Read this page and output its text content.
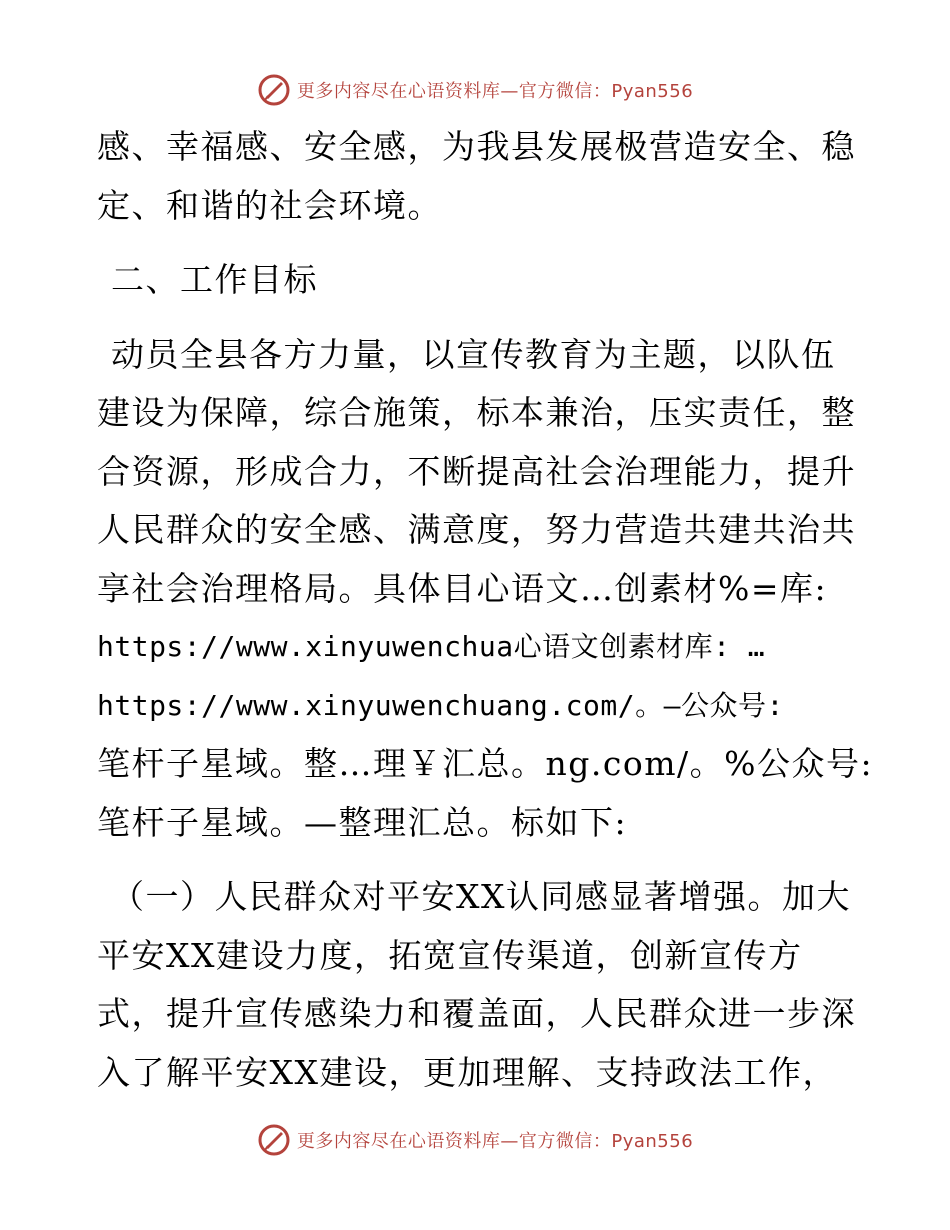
更多内容尽在心语资料库—官方微信：Pyan556
感、幸福感、安全感，为我县发展极营造安全、稳
定、和谐的社会环境。
二、工作目标
动员全县各方力量，以宣传教育为主题，以队伍
建设为保障，综合施策，标本兼治，压实责任，整
合资源，形成合力，不断提高社会治理能力，提升
人民群众的安全感、满意度，努力营造共建共治共
享社会治理格局。具体目心语文…创素材%=库:
https://www.xinyuwenchua心语文创素材库: …
https://www.xinyuwenchuang.com/。—公众号:
笔杆子星域。整…理￥汇总。ng.com/。%公众号:
笔杆子星域。—整理汇总。标如下:
（一）人民群众对平安XX认同感显著增强。加大
平安XX建设力度，拓宽宣传渠道，创新宣传方
式，提升宣传感染力和覆盖面，人民群众进一步深
入了解平安XX建设，更加理解、支持政法工作，
更多内容尽在心语资料库—官方微信：Pyan556
